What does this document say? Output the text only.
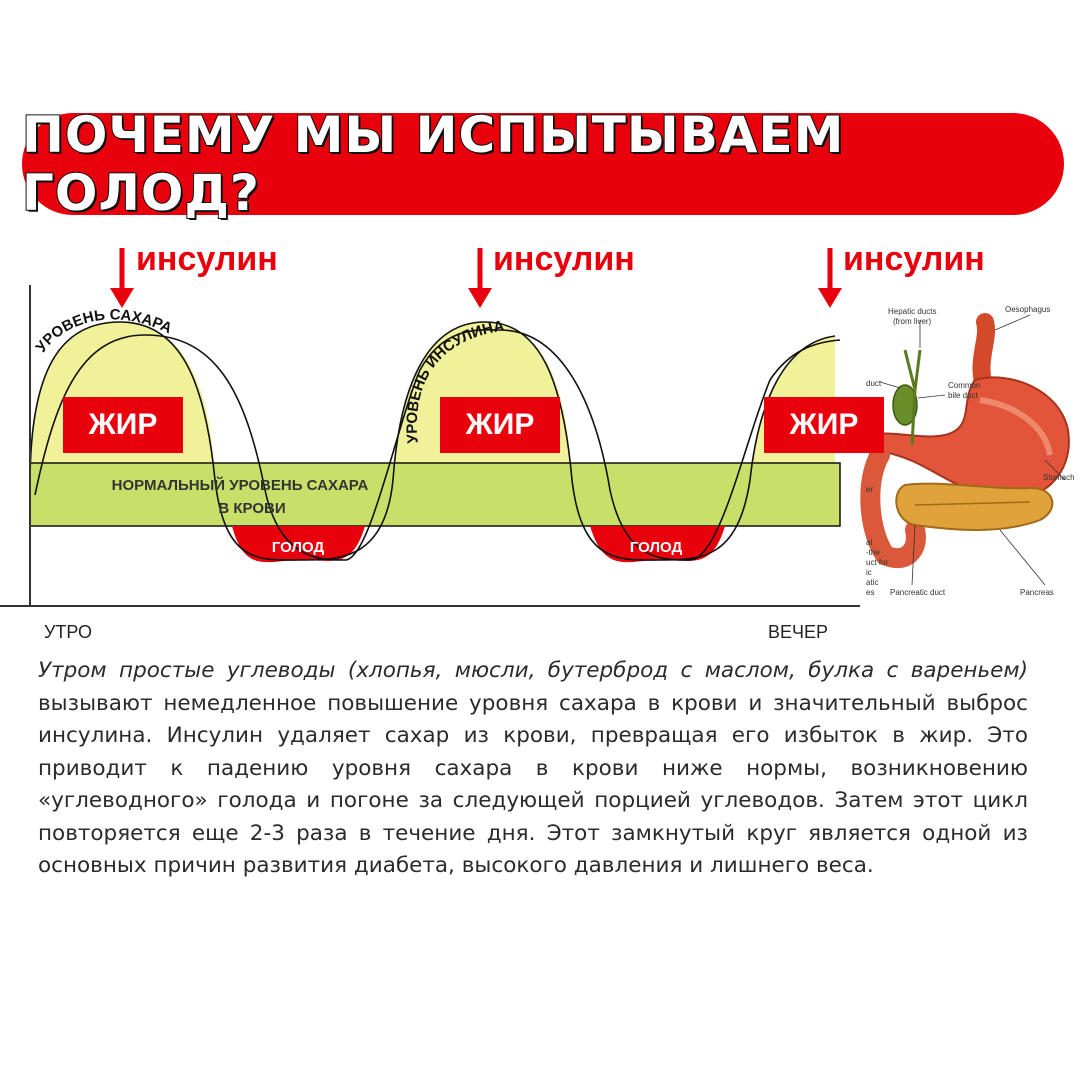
ПОЧЕМУ МЫ ИСПЫТЫВАЕМ ГОЛОД?
УРОВЕНЬ САХАРА
УРОВЕНЬ ИНСУЛИНА
НОРМАЛЬНЫЙ УРОВЕНЬ САХАРА
В КРОВИ
ГОЛОД	ГОЛОД
Hepatic ducts
(from liver)
Oesophagus
duct	Common
bile duct
Stomach
er
al
-the
uct for
ic
atic
es Pancreatic duct	Pancreas
инсулин	инсулин	инсулин
ЖИР	ЖИР	ЖИР
УТРО	ВЕЧЕР
Утром простые углеводы (хлопья, мюсли, бутерброд с маслом, булка с вареньем) вызывают немедленное повышение уровня сахара в крови и значительный выброс инсулина. Инсулин удаляет сахар из крови, превращая его избыток в жир. Это приводит к падению уровня сахара в крови ниже нормы, возникновению «углеводного» голода и погоне за следующей порцией углеводов. Затем этот цикл повторяется еще 2-3 раза в течение дня. Этот замкнутый круг является одной из основных причин развития диабета, высокого давления и лишнего веса.
